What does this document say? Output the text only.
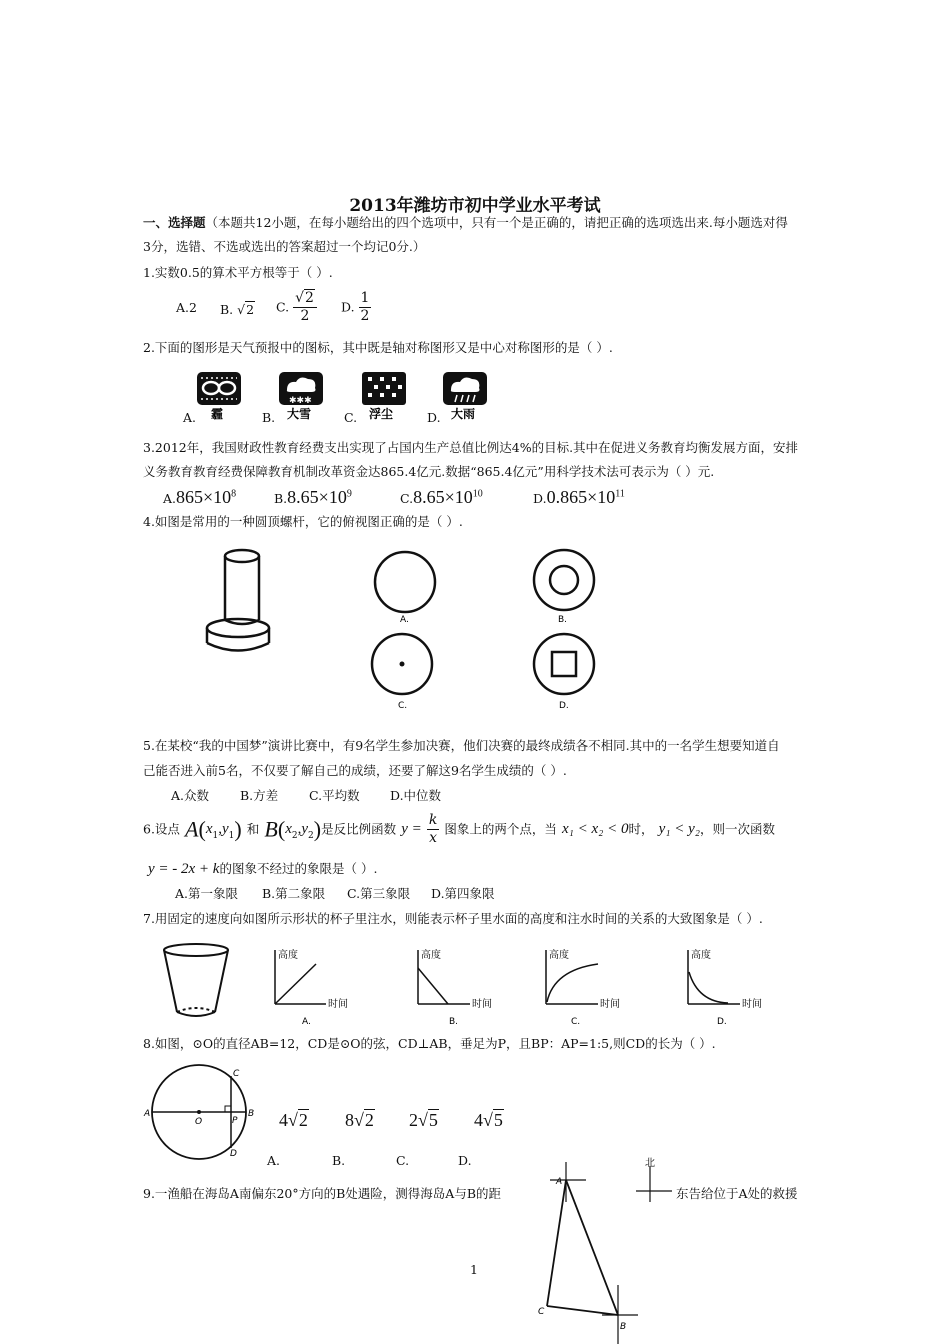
2013年潍坊市初中学业水平考试
一、选择题（本题共12小题，在每小题给出的四个选项中，只有一个是正确的，请把正确的选项选出来.每小题选对得
3分，选错、不选或选出的答案超过一个均记0分.）
1.实数0.5的算术平方根等于（ ）.
A.2 B. √2 C. $\frac{√2}{2} D$. $\frac{1}{2}$
2.下面的图形是天气预报中的图标，其中既是轴对称图形又是中心对称图形的是（ ）.
霾
✱✱✱
大雪	浮尘	大雨
A.	B.	C.	D.
3.2012年，我国财政性教育经费支出实现了占国内生产总值比例达4%的目标.其中在促进义务教育均衡发展方面，安排
义务教育教育经费保障教育机制改革资金达865.4亿元.数据“865.4亿元”用科学技术法可表示为（ ）元.
$A.865\times 10^8$	$B.8.65\times 10^9$	$C.8.65\times 10^{10}$	$D.0.865\times 10^{11}$
4.如图是常用的一种圆顶螺杆，它的俯视图正确的是（ ）.
A.	B.
C.	D.
5.在某校“我的中国梦”演讲比赛中，有9名学生参加决赛，他们决赛的最终成绩各不相同.其中的一名学生想要知道自
己能否进入前5名，不仅要了解自己的成绩，还要了解这9名学生成绩的（ ）.
A.众数 B.方差 C.平均数 D.中位数
6.设点 $A(x_1,y_1)$ 和 $B(x_2,y_2)$是反比例函数 $y = \frac{k}{x}$ 图象上的两个点，当 x₁ < x₂ < 0时， y₁ < y₂，则一次函数
y = - 2x + k的图象不经过的象限是（ ）.
A.第一象限 B.第二象限 C.第三象限 D.第四象限
7.用固定的速度向如图所示形状的杯子里注水，则能表示杯子里水面的高度和注水时间的关系的大致图象是（ ）.
高度
时间
A.
高度
时间
B.
高度
时间
C.
高度
时间
D.
8.如图，⊙O的直径AB=12，CD是⊙O的弦，CD⊥AB，垂足为P，且BP：AP=1:5,则CD的长为（ ）.
A	B
C
D
O	P 4√2 8√2 2√5 4√5
A.	B.	C.	D.
9.一渔船在海岛A南偏东20°方向的B处遇险，测得海岛A与B的距	东告给位于A处的救援
北
A
B
C
1
